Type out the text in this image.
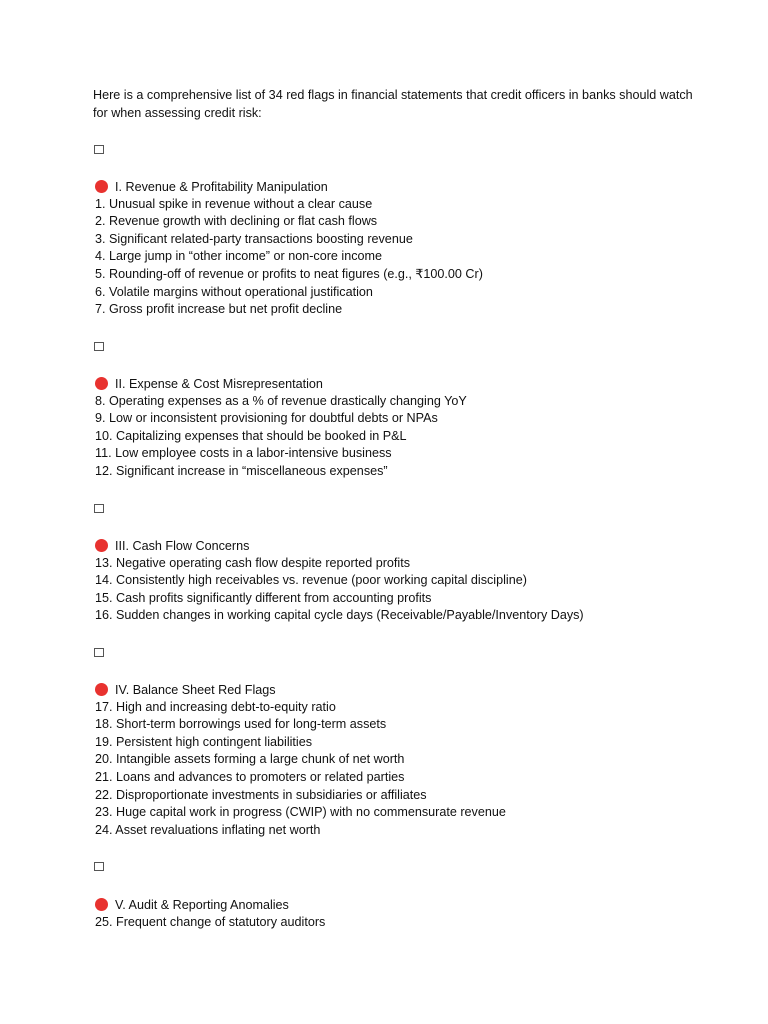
Here is a comprehensive list of 34 red flags in financial statements that credit officers in banks should watch for when assessing credit risk:
I. Revenue & Profitability Manipulation
1. Unusual spike in revenue without a clear cause
2. Revenue growth with declining or flat cash flows
3. Significant related-party transactions boosting revenue
4. Large jump in “other income” or non-core income
5. Rounding-off of revenue or profits to neat figures (e.g., ₹100.00 Cr)
6. Volatile margins without operational justification
7. Gross profit increase but net profit decline
II. Expense & Cost Misrepresentation
8. Operating expenses as a % of revenue drastically changing YoY
9. Low or inconsistent provisioning for doubtful debts or NPAs
10. Capitalizing expenses that should be booked in P&L
11. Low employee costs in a labor-intensive business
12. Significant increase in “miscellaneous expenses”
III. Cash Flow Concerns
13. Negative operating cash flow despite reported profits
14. Consistently high receivables vs. revenue (poor working capital discipline)
15. Cash profits significantly different from accounting profits
16. Sudden changes in working capital cycle days (Receivable/Payable/Inventory Days)
IV. Balance Sheet Red Flags
17. High and increasing debt-to-equity ratio
18. Short-term borrowings used for long-term assets
19. Persistent high contingent liabilities
20. Intangible assets forming a large chunk of net worth
21. Loans and advances to promoters or related parties
22. Disproportionate investments in subsidiaries or affiliates
23. Huge capital work in progress (CWIP) with no commensurate revenue
24. Asset revaluations inflating net worth
V. Audit & Reporting Anomalies
25. Frequent change of statutory auditors
